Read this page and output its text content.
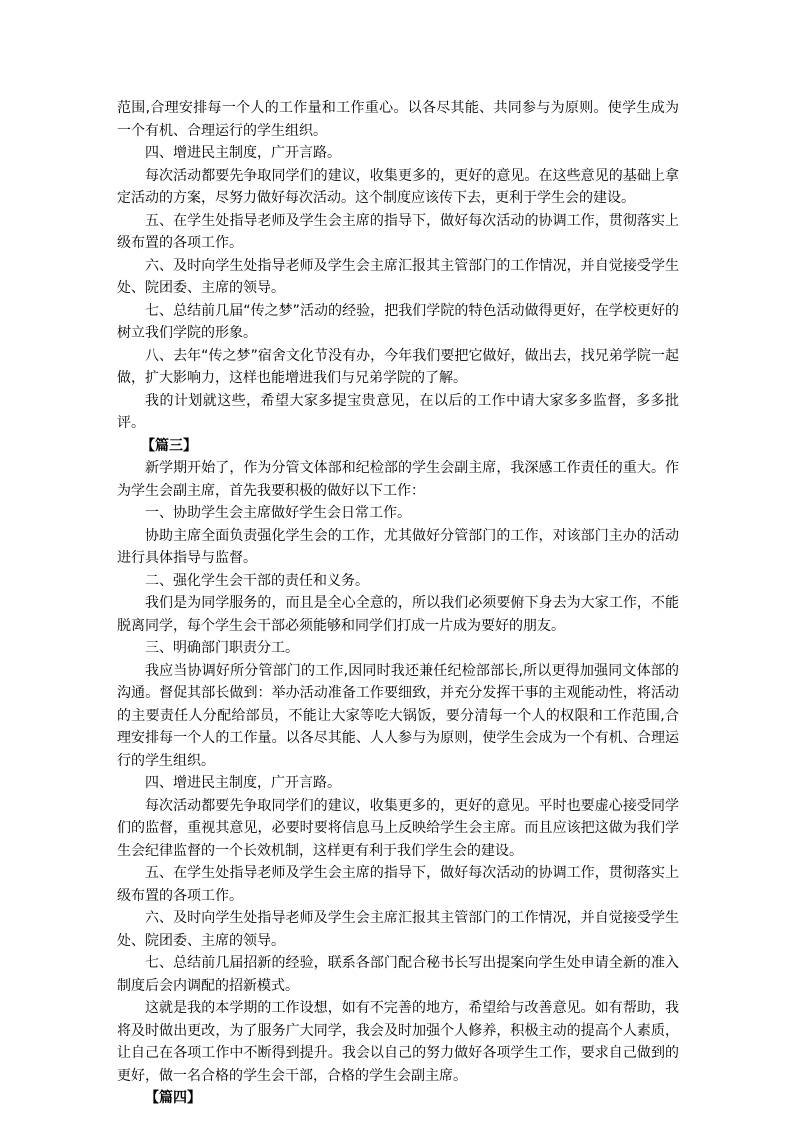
范围,合理安排每一个人的工作量和工作重心。以各尽其能、共同参与为原则。使学生成为一个有机、合理运行的学生组织。

四、增进民主制度，广开言路。

每次活动都要先争取同学们的建议，收集更多的，更好的意见。在这些意见的基础上拿定活动的方案，尽努力做好每次活动。这个制度应该传下去，更利于学生会的建设。

五、在学生处指导老师及学生会主席的指导下，做好每次活动的协调工作，贯彻落实上级布置的各项工作。

六、及时向学生处指导老师及学生会主席汇报其主管部门的工作情况，并自觉接受学生处、院团委、主席的领导。

七、总结前几届“传之梦”活动的经验，把我们学院的特色活动做得更好，在学校更好的树立我们学院的形象。

八、去年“传之梦”宿舍文化节没有办，今年我们要把它做好，做出去，找兄弟学院一起做，扩大影响力，这样也能增进我们与兄弟学院的了解。

我的计划就这些，希望大家多提宝贵意见，在以后的工作中请大家多多监督，多多批评。

【篇三】

新学期开始了，作为分管文体部和纪检部的学生会副主席，我深感工作责任的重大。作为学生会副主席，首先我要积极的做好以下工作：

一、协助学生会主席做好学生会日常工作。

协助主席全面负责强化学生会的工作，尤其做好分管部门的工作，对该部门主办的活动进行具体指导与监督。

二、强化学生会干部的责任和义务。

我们是为同学服务的，而且是全心全意的，所以我们必须要俯下身去为大家工作，不能脱离同学，每个学生会干部必须能够和同学们打成一片成为要好的朋友。

三、明确部门职责分工。

我应当协调好所分管部门的工作,因同时我还兼任纪检部部长,所以更得加强同文体部的沟通。督促其部长做到：举办活动准备工作要细致，并充分发挥干事的主观能动性，将活动的主要责任人分配给部员，不能让大家等吃大锅饭，要分清每一个人的权限和工作范围,合理安排每一个人的工作量。以各尽其能、人人参与为原则，使学生会成为一个有机、合理运行的学生组织。

四、增进民主制度，广开言路。

每次活动都要先争取同学们的建议，收集更多的，更好的意见。平时也要虚心接受同学们的监督，重视其意见，必要时要将信息马上反映给学生会主席。而且应该把这做为我们学生会纪律监督的一个长效机制，这样更有利于我们学生会的建设。

五、在学生处指导老师及学生会主席的指导下，做好每次活动的协调工作，贯彻落实上级布置的各项工作。

六、及时向学生处指导老师及学生会主席汇报其主管部门的工作情况，并自觉接受学生处、院团委、主席的领导。

七、总结前几届招新的经验，联系各部门配合秘书长写出提案向学生处申请全新的准入制度后会内调配的招新模式。

这就是我的本学期的工作设想，如有不完善的地方，希望给与改善意见。如有帮助，我将及时做出更改，为了服务广大同学，我会及时加强个人修养，积极主动的提高个人素质，让自己在各项工作中不断得到提升。我会以自己的努力做好各项学生工作，要求自己做到的更好，做一名合格的学生会干部，合格的学生会副主席。

【篇四】
